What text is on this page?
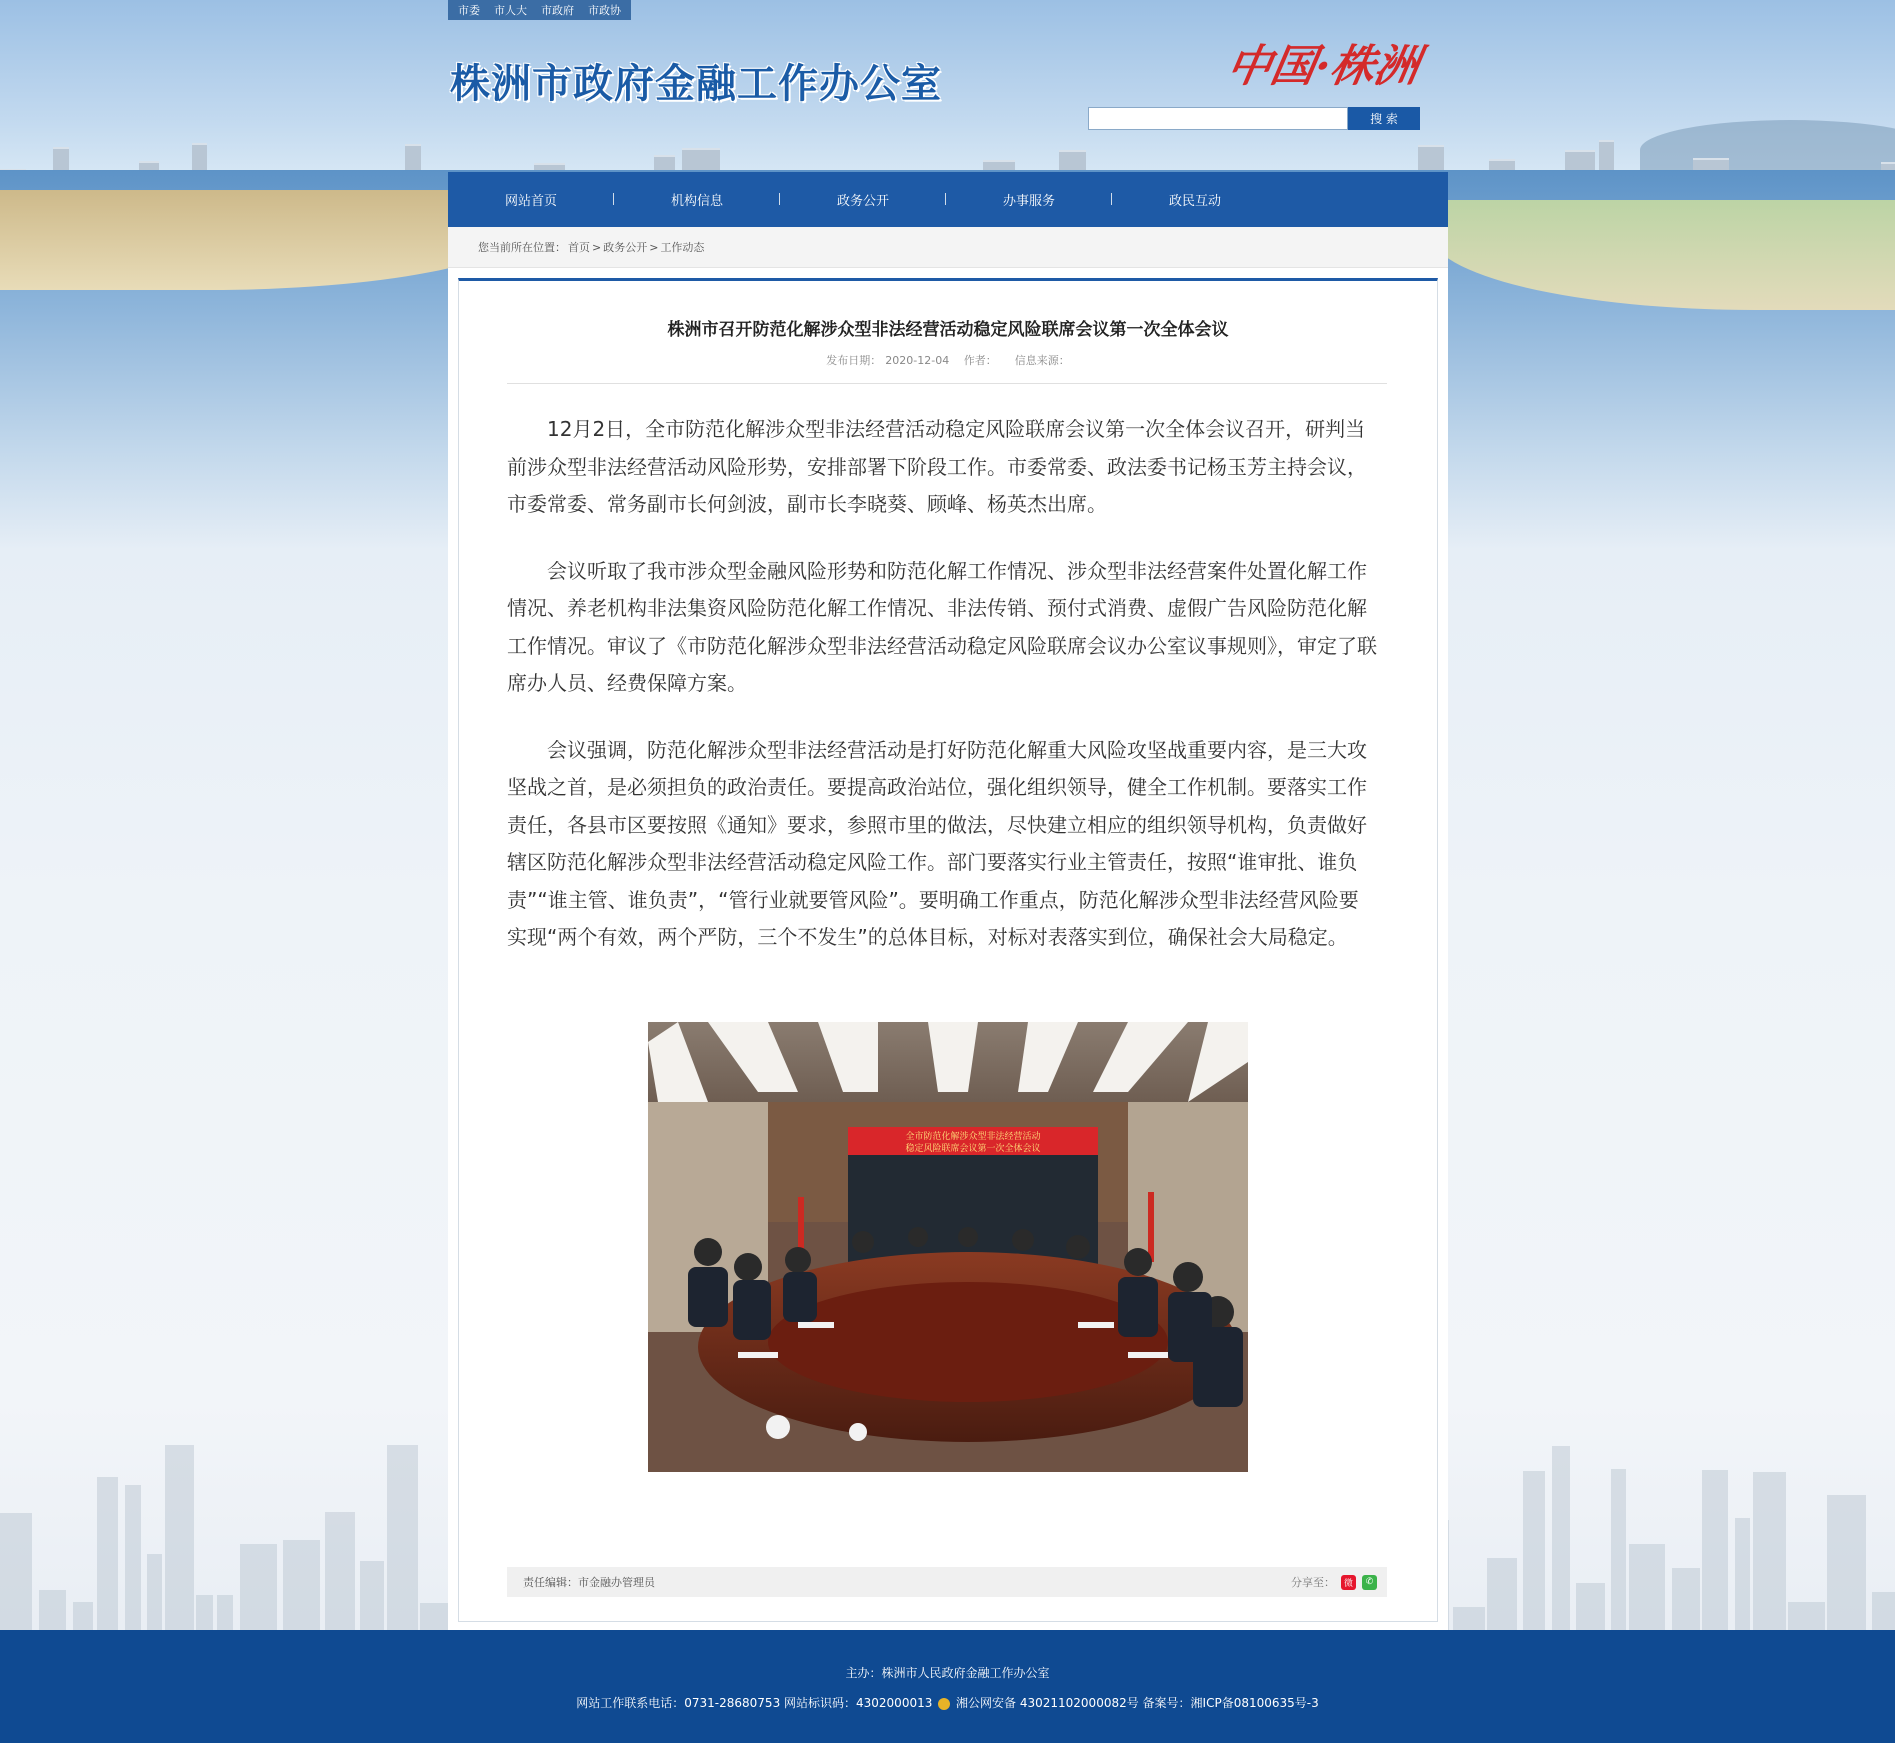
市委 市人大 市政府 市政协
株洲市政府金融工作办公室	中国·株洲
搜 索
网站首页	机构信息	政务公开	办事服务	政民互动
您当前所在位置： 首页 > 政务公开 > 工作动态
株洲市召开防范化解涉众型非法经营活动稳定风险联席会议第一次全体会议
发布日期： 2020-12-04 作者： 信息来源：

12月2日，全市防范化解涉众型非法经营活动稳定风险联席会议第一次全体会议召开，研判当前涉众型非法经营活动风险形势，安排部署下阶段工作。市委常委、政法委书记杨玉芳主持会议，市委常委、常务副市长何剑波，副市长李晓葵、顾峰、杨英杰出席。

会议听取了我市涉众型金融风险形势和防范化解工作情况、涉众型非法经营案件处置化解工作情况、养老机构非法集资风险防范化解工作情况、非法传销、预付式消费、虚假广告风险防范化解工作情况。审议了《市防范化解涉众型非法经营活动稳定风险联席会议办公室议事规则》，审定了联席办人员、经费保障方案。

会议强调，防范化解涉众型非法经营活动是打好防范化解重大风险攻坚战重要内容，是三大攻坚战之首，是必须担负的政治责任。要提高政治站位，强化组织领导，健全工作机制。要落实工作责任，各县市区要按照《通知》要求，参照市里的做法，尽快建立相应的组织领导机构，负责做好辖区防范化解涉众型非法经营活动稳定风险工作。部门要落实行业主管责任，按照“谁审批、谁负责”“谁主管、谁负责”，“管行业就要管风险”。要明确工作重点，防范化解涉众型非法经营风险要实现“两个有效，两个严防，三个不发生”的总体目标，对标对表落实到位，确保社会大局稳定。

全市防范化解涉众型非法经营活动
稳定风险联席会议第一次全体会议
责任编辑：市金融办管理员	分享至： 微	✆
主办：株洲市人民政府金融工作办公室
网站工作联系电话：0731-28680753 网站标识码：4302000013 湘公网安备 43021102000082号 备案号：湘ICP备08100635号-3
